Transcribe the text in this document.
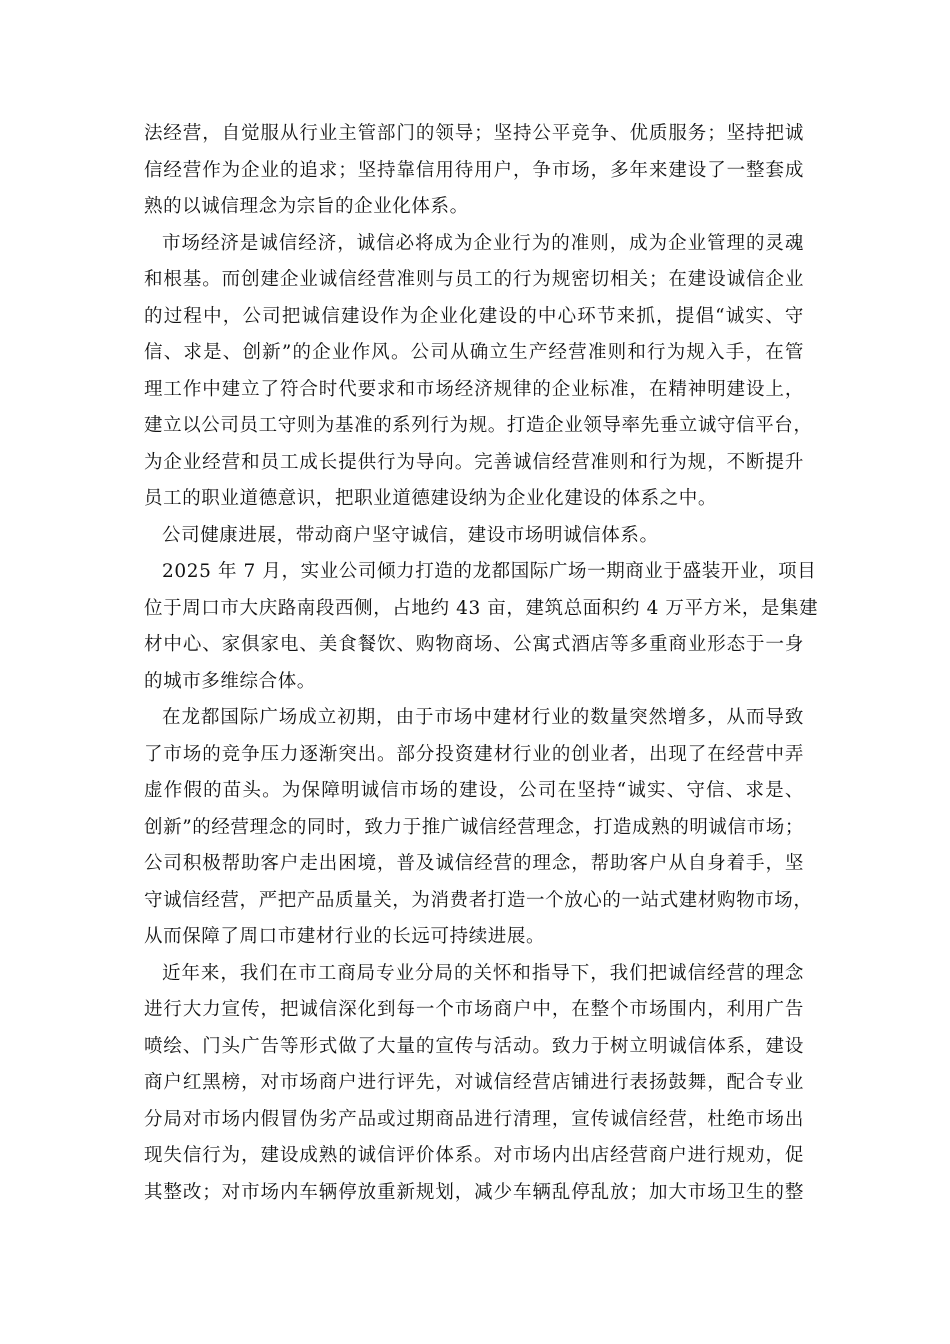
法经营，自觉服从行业主管部门的领导；坚持公平竞争、优质服务；坚持把诚
信经营作为企业的追求；坚持靠信用待用户，争市场，多年来建设了一整套成
熟的以诚信理念为宗旨的企业化体系。
市场经济是诚信经济，诚信必将成为企业行为的准则，成为企业管理的灵魂
和根基。而创建企业诚信经营准则与员工的行为规密切相关；在建设诚信企业
的过程中，公司把诚信建设作为企业化建设的中心环节来抓，提倡“诚实、守
信、求是、创新”的企业作风。公司从确立生产经营准则和行为规入手，在管
理工作中建立了符合时代要求和市场经济规律的企业标准，在精神明建设上，
建立以公司员工守则为基准的系列行为规。打造企业领导率先垂立诚守信平台，
为企业经营和员工成长提供行为导向。完善诚信经营准则和行为规，不断提升
员工的职业道德意识，把职业道德建设纳为企业化建设的体系之中。
公司健康进展，带动商户坚守诚信，建设市场明诚信体系。
2025 年 7 月，实业公司倾力打造的龙都国际广场一期商业于盛装开业，项目
位于周口市大庆路南段西侧，占地约 43 亩，建筑总面积约 4 万平方米，是集建
材中心、家俱家电、美食餐饮、购物商场、公寓式酒店等多重商业形态于一身
的城市多维综合体。
在龙都国际广场成立初期，由于市场中建材行业的数量突然增多，从而导致
了市场的竞争压力逐渐突出。部分投资建材行业的创业者，出现了在经营中弄
虚作假的苗头。为保障明诚信市场的建设，公司在坚持“诚实、守信、求是、
创新”的经营理念的同时，致力于推广诚信经营理念，打造成熟的明诚信市场；
公司积极帮助客户走出困境，普及诚信经营的理念，帮助客户从自身着手，坚
守诚信经营，严把产品质量关，为消费者打造一个放心的一站式建材购物市场，
从而保障了周口市建材行业的长远可持续进展。
近年来，我们在市工商局专业分局的关怀和指导下，我们把诚信经营的理念
进行大力宣传，把诚信深化到每一个市场商户中，在整个市场围内，利用广告
喷绘、门头广告等形式做了大量的宣传与活动。致力于树立明诚信体系，建设
商户红黑榜，对市场商户进行评先，对诚信经营店铺进行表扬鼓舞，配合专业
分局对市场内假冒伪劣产品或过期商品进行清理，宣传诚信经营，杜绝市场出
现失信行为，建设成熟的诚信评价体系。对市场内出店经营商户进行规劝，促
其整改；对市场内车辆停放重新规划，减少车辆乱停乱放；加大市场卫生的整
